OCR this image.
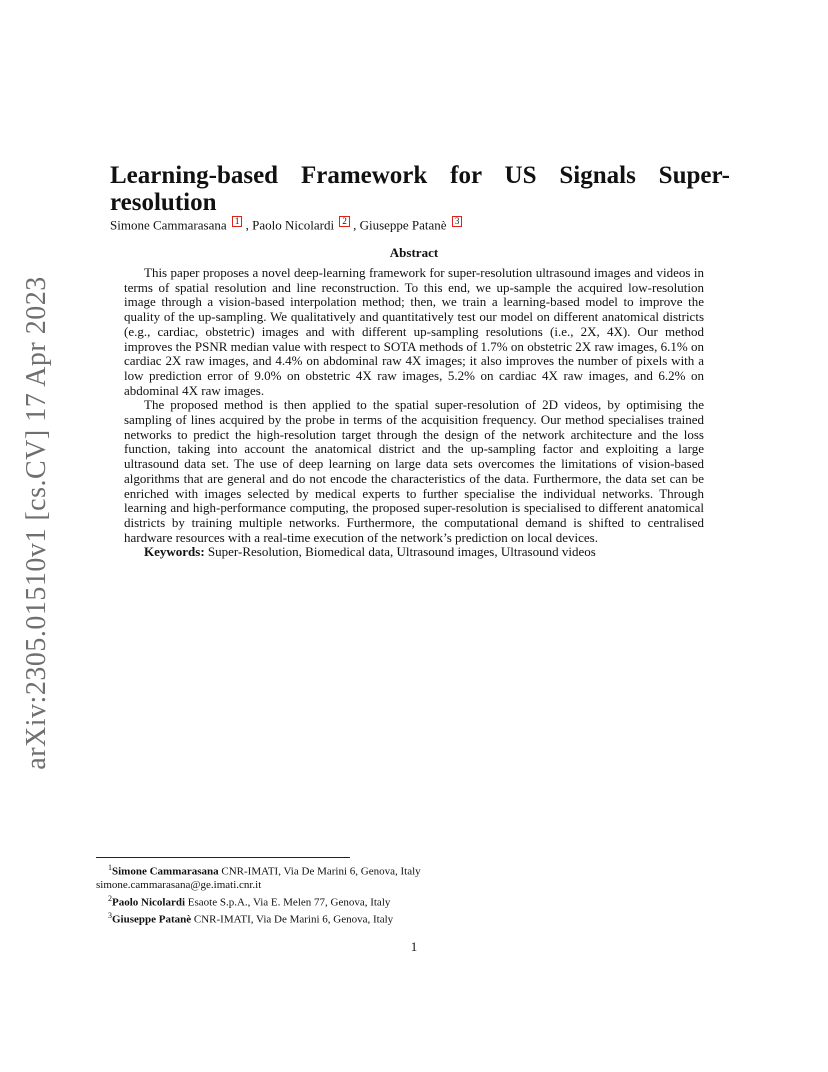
arXiv:2305.01510v1 [cs.CV] 17 Apr 2023
Learning-based Framework for US Signals Super-resolution
Simone Cammarasana 1 , Paolo Nicolardi 2 , Giuseppe Patanè 3
Abstract

This paper proposes a novel deep-learning framework for super-resolution ultrasound images and videos in terms of spatial resolution and line reconstruction. To this end, we up-sample the acquired low-resolution image through a vision-based interpolation method; then, we train a learning-based model to improve the quality of the up-sampling. We qualitatively and quantitatively test our model on different anatomical districts (e.g., cardiac, obstetric) images and with different up-sampling resolutions (i.e., 2X, 4X). Our method improves the PSNR median value with respect to SOTA methods of 1.7% on obstetric 2X raw images, 6.1% on cardiac 2X raw images, and 4.4% on abdominal raw 4X images; it also improves the number of pixels with a low prediction error of 9.0% on obstetric 4X raw images, 5.2% on cardiac 4X raw images, and 6.2% on abdominal 4X raw images.

The proposed method is then applied to the spatial super-resolution of 2D videos, by optimising the sampling of lines acquired by the probe in terms of the acquisition frequency. Our method specialises trained networks to predict the high-resolution target through the design of the network architecture and the loss function, taking into account the anatomical district and the up-sampling factor and exploiting a large ultrasound data set. The use of deep learning on large data sets overcomes the limitations of vision-based algorithms that are general and do not encode the characteristics of the data. Furthermore, the data set can be enriched with images selected by medical experts to further specialise the individual networks. Through learning and high-performance computing, the proposed super-resolution is specialised to different anatomical districts by training multiple networks. Furthermore, the computational demand is shifted to centralised hardware resources with a real-time execution of the network’s prediction on local devices.

Keywords: Super-Resolution, Biomedical data, Ultrasound images, Ultrasound videos

$^1$Simone Cammarasana CNR-IMATI, Via De Marini 6, Genova, Italy

simone.cammarasana@ge.imati.cnr.it

$^2$Paolo Nicolardi Esaote S.p.A., Via E. Melen 77, Genova, Italy

$^3$Giuseppe Patanè CNR-IMATI, Via De Marini 6, Genova, Italy

1
